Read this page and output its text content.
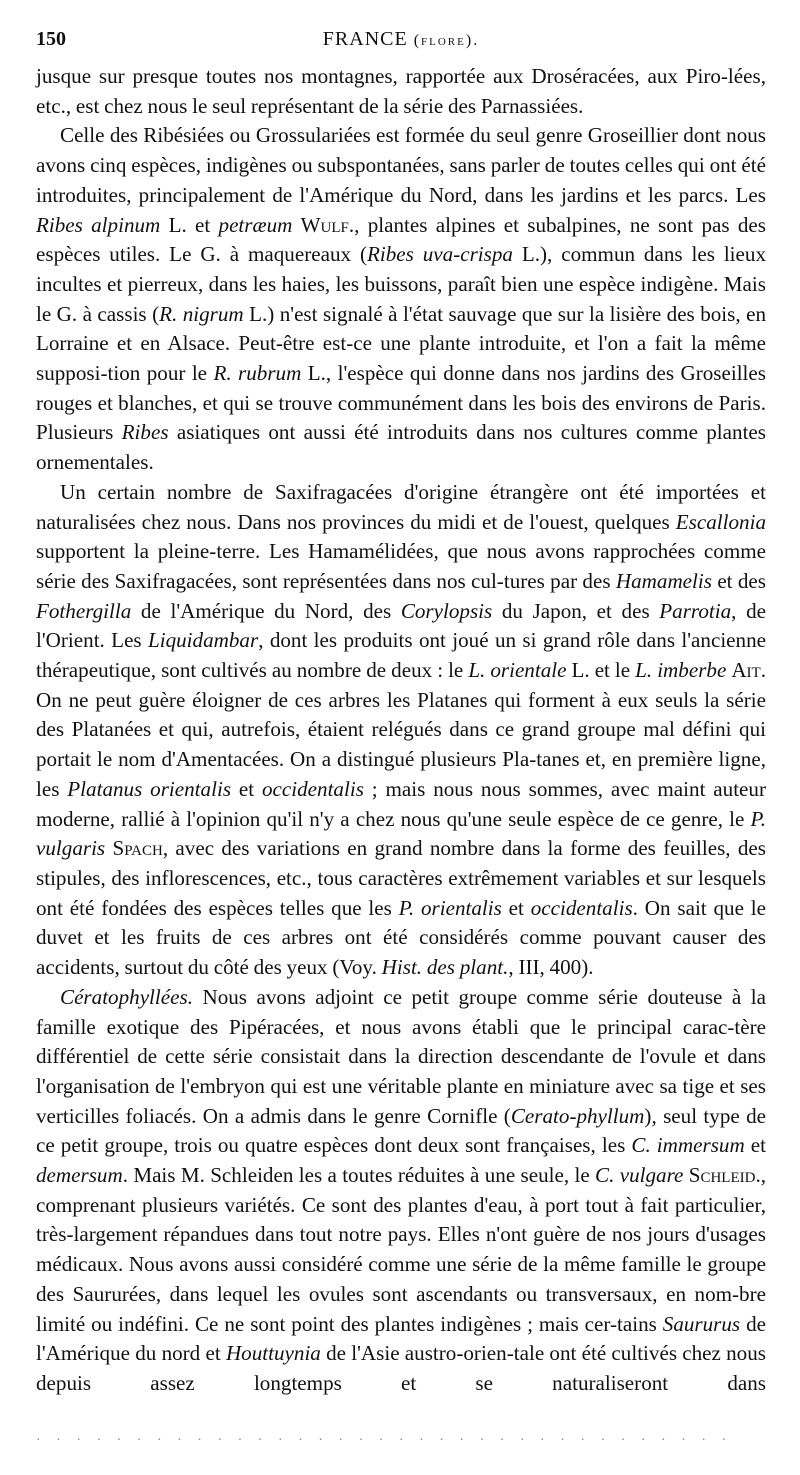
150	FRANCE (flore).

jusque sur presque toutes nos montagnes, rapportée aux Droséracées, aux Piro-lées, etc., est chez nous le seul représentant de la série des Parnassiées.

Celle des Ribésiées ou Grossulariées est formée du seul genre Groseillier dont nous avons cinq espèces, indigènes ou subspontanées, sans parler de toutes celles qui ont été introduites, principalement de l'Amérique du Nord, dans les jardins et les parcs. Les Ribes alpinum L. et petræum Wulf., plantes alpines et subalpines, ne sont pas des espèces utiles. Le G. à maquereaux (Ribes uva-crispa L.), commun dans les lieux incultes et pierreux, dans les haies, les buissons, paraît bien une espèce indigène. Mais le G. à cassis (R. nigrum L.) n'est signalé à l'état sauvage que sur la lisière des bois, en Lorraine et en Alsace. Peut-être est-ce une plante introduite, et l'on a fait la même supposi-tion pour le R. rubrum L., l'espèce qui donne dans nos jardins des Groseilles rouges et blanches, et qui se trouve communément dans les bois des environs de Paris. Plusieurs Ribes asiatiques ont aussi été introduits dans nos cultures comme plantes ornementales.

Un certain nombre de Saxifragacées d'origine étrangère ont été importées et naturalisées chez nous. Dans nos provinces du midi et de l'ouest, quelques Escallonia supportent la pleine-terre. Les Hamamélidées, que nous avons rapprochées comme série des Saxifragacées, sont représentées dans nos cul-tures par des Hamamelis et des Fothergilla de l'Amérique du Nord, des Corylopsis du Japon, et des Parrotia, de l'Orient. Les Liquidambar, dont les produits ont joué un si grand rôle dans l'ancienne thérapeutique, sont cultivés au nombre de deux : le L. orientale L. et le L. imberbe Ait. On ne peut guère éloigner de ces arbres les Platanes qui forment à eux seuls la série des Platanées et qui, autrefois, étaient relégués dans ce grand groupe mal défini qui portait le nom d'Amentacées. On a distingué plusieurs Pla-tanes et, en première ligne, les Platanus orientalis et occidentalis ; mais nous nous sommes, avec maint auteur moderne, rallié à l'opinion qu'il n'y a chez nous qu'une seule espèce de ce genre, le P. vulgaris Spach, avec des variations en grand nombre dans la forme des feuilles, des stipules, des inflorescences, etc., tous caractères extrêmement variables et sur lesquels ont été fondées des espèces telles que les P. orientalis et occidentalis. On sait que le duvet et les fruits de ces arbres ont été considérés comme pouvant causer des accidents, surtout du côté des yeux (Voy. Hist. des plant., III, 400).

Cératophyllées. Nous avons adjoint ce petit groupe comme série douteuse à la famille exotique des Pipéracées, et nous avons établi que le principal carac-tère différentiel de cette série consistait dans la direction descendante de l'ovule et dans l'organisation de l'embryon qui est une véritable plante en miniature avec sa tige et ses verticilles foliacés. On a admis dans le genre Cornifle (Cerato-phyllum), seul type de ce petit groupe, trois ou quatre espèces dont deux sont françaises, les C. immersum et demersum. Mais M. Schleiden les a toutes réduites à une seule, le C. vulgare Schleid., comprenant plusieurs variétés. Ce sont des plantes d'eau, à port tout à fait particulier, très-largement répandues dans tout notre pays. Elles n'ont guère de nos jours d'usages médicaux. Nous avons aussi considéré comme une série de la même famille le groupe des Saururées, dans lequel les ovules sont ascendants ou transversaux, en nom-bre limité ou indéfini. Ce ne sont point des plantes indigènes ; mais cer-tains Saururus de l'Amérique du nord et Houttuynia de l'Asie austro-orien-tale ont été cultivés chez nous depuis assez longtemps et se naturaliseront dans

· · · · · · · · · · · · · · · · · · · · · · · · · · · · · · · · · · ·
